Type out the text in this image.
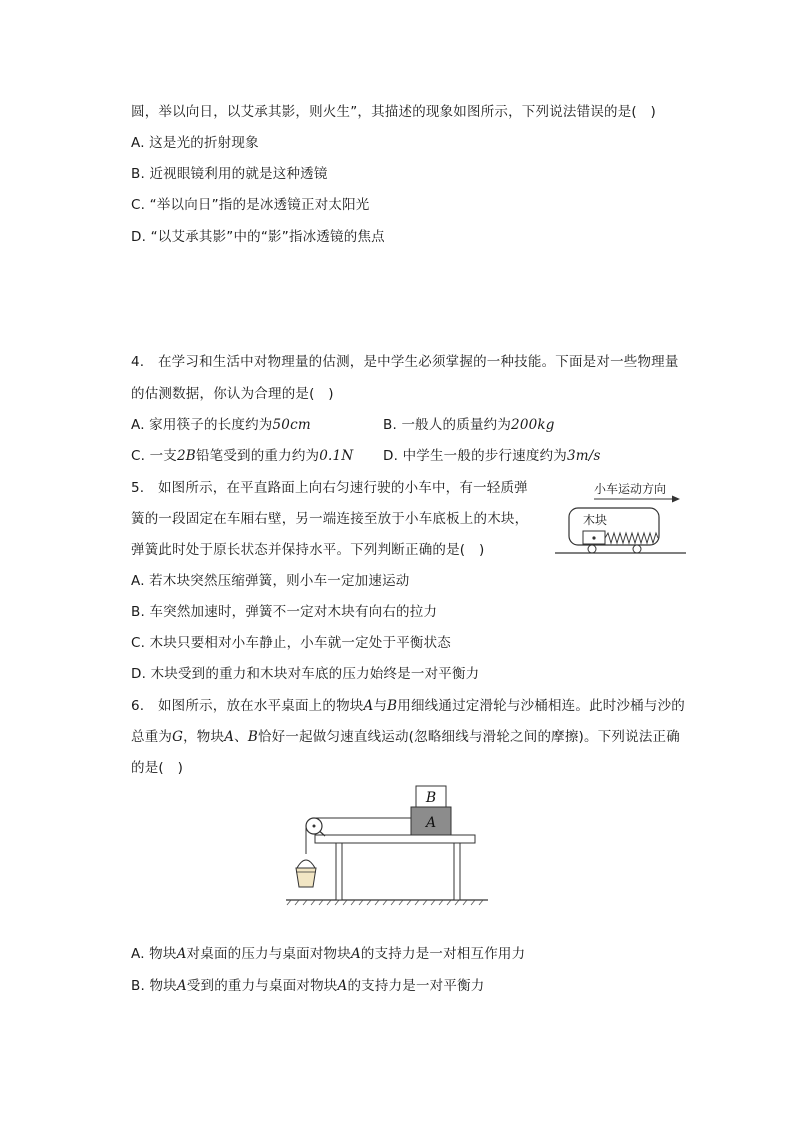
圆，举以向日，以艾承其影，则火生”，其描述的现象如图所示，下列说法错误的是(　)
A. 这是光的折射现象
B. 近视眼镜利用的就是这种透镜
C. “举以向日”指的是冰透镜正对太阳光
D. “以艾承其影”中的“影”指冰透镜的焦点
4.　在学习和生活中对物理量的估测，是中学生必须掌握的一种技能。下面是对一些物理量
的估测数据，你认为合理的是(　)
A. 家用筷子的长度约为50cm	B. 一般人的质量约为200kg
C. 一支2B铅笔受到的重力约为0.1N D. 中学生一般的步行速度约为3m/s
5.　如图所示，在平直路面上向右匀速行驶的小车中，有一轻质弹
簧的一段固定在车厢右壁，另一端连接至放于小车底板上的木块，
弹簧此时处于原长状态并保持水平。下列判断正确的是(　)
小车运动方向
木块
A. 若木块突然压缩弹簧，则小车一定加速运动
B. 车突然加速时，弹簧不一定对木块有向右的拉力
C. 木块只要相对小车静止，小车就一定处于平衡状态
D. 木块受到的重力和木块对车底的压力始终是一对平衡力
6.　如图所示，放在水平桌面上的物块A与B用细线通过定滑轮与沙桶相连。此时沙桶与沙的
总重为G，物块A、B恰好一起做匀速直线运动(忽略细线与滑轮之间的摩擦)。下列说法正确
的是(　)
A
B
A. 物块A对桌面的压力与桌面对物块A的支持力是一对相互作用力
B. 物块A受到的重力与桌面对物块A的支持力是一对平衡力
